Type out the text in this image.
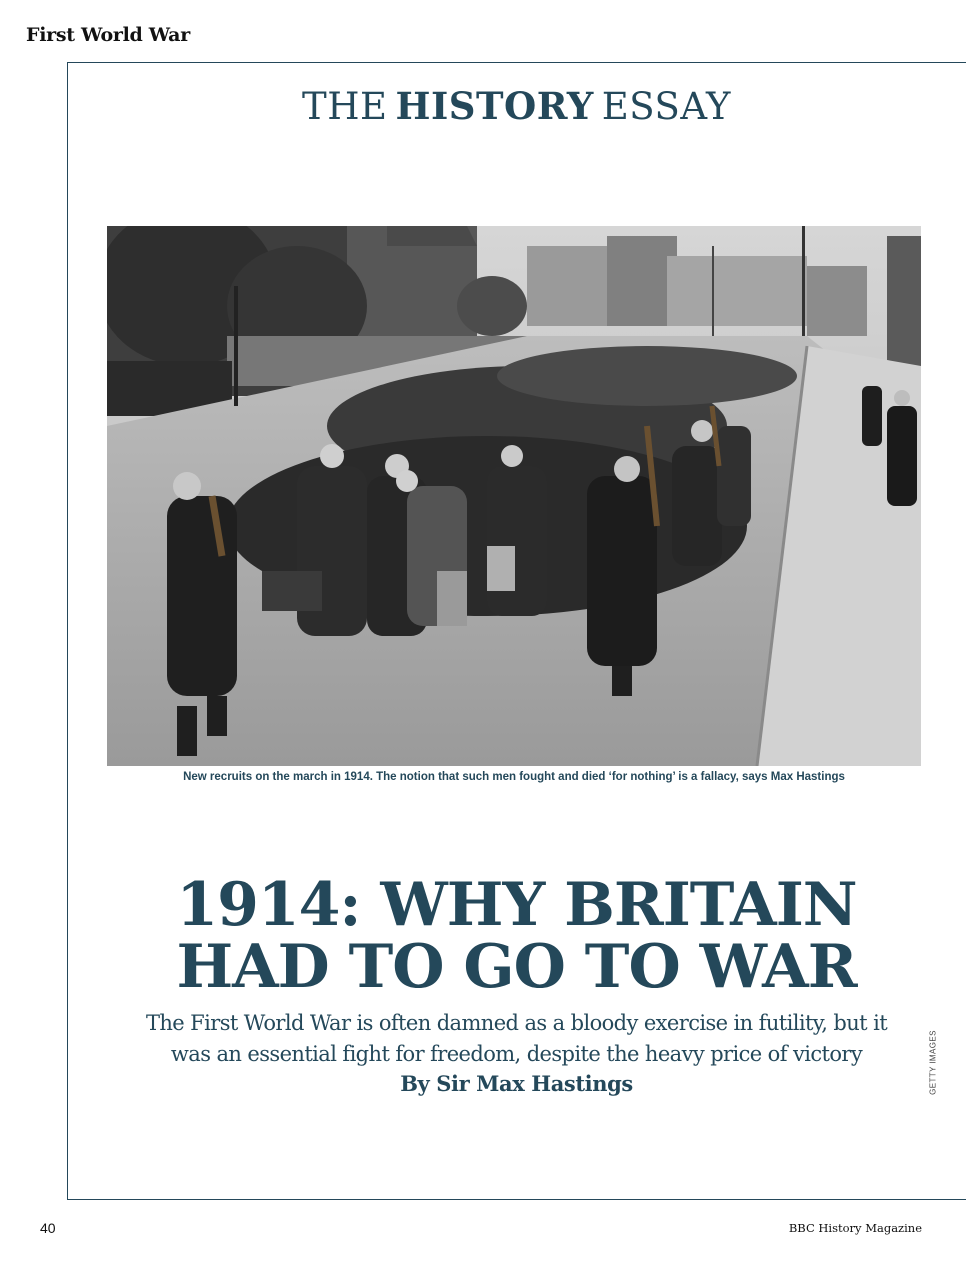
First World War
THE HISTORY ESSAY
New recruits on the march in 1914. The notion that such men fought and died ‘for nothing’ is a fallacy, says Max Hastings
1914: WHY BRITAIN
HAD TO GO TO WAR
The First World War is often damned as a bloody exercise in futility, but it
was an essential fight for freedom, despite the heavy price of victory
By Sir Max Hastings	GETTY IMAGES
40	BBC History Magazine
